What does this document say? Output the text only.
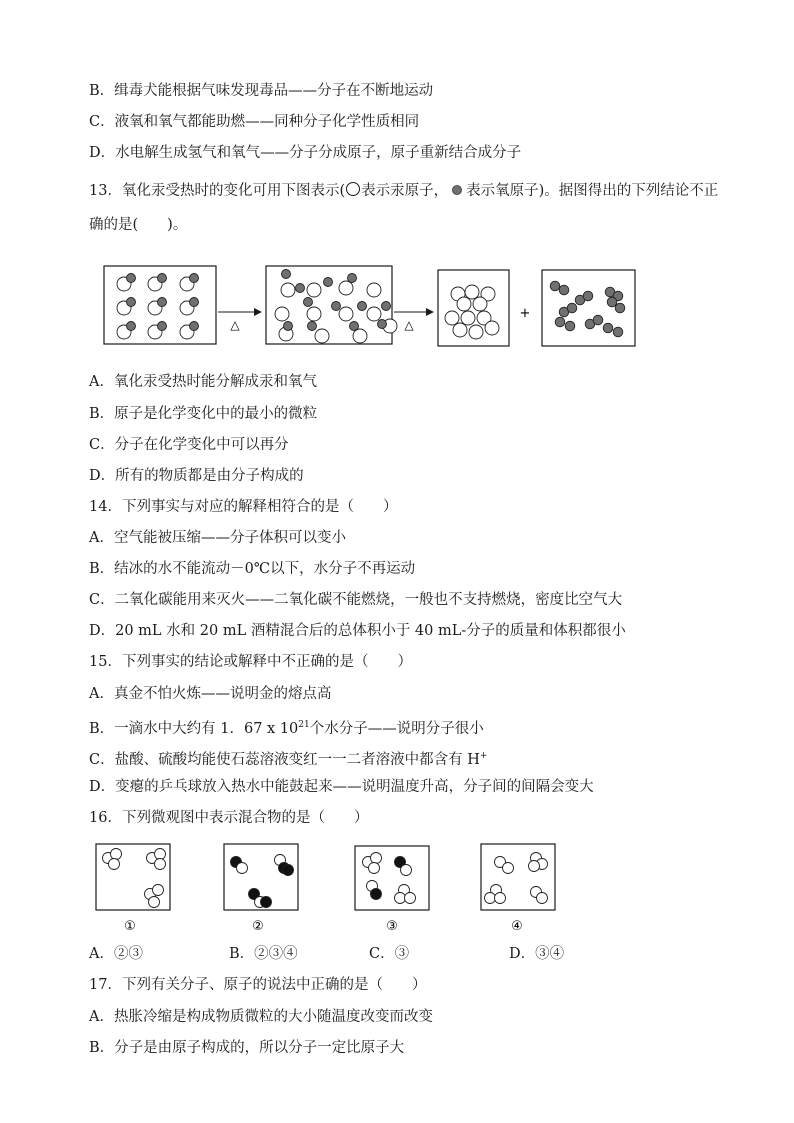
B．缉毒犬能根据气味发现毒品——分子在不断地运动
C．液氧和氧气都能助燃——同种分子化学性质相同
D．水电解生成氢气和氧气——分子分成原子，原子重新结合成分子
13．氧化汞受热时的变化可用下图表示( 表示汞原子， 表示氧原子)。据图得出的下列结论不正
确的是(　　)。
△	△
+
A．氧化汞受热时能分解成汞和氧气
B．原子是化学变化中的最小的微粒
C．分子在化学变化中可以再分
D．所有的物质都是由分子构成的
14．下列事实与对应的解释相符合的是（　　）
A．空气能被压缩——分子体积可以变小
B．结冰的水不能流动－0℃以下，水分子不再运动
C．二氧化碳能用来灭火——二氧化碳不能燃烧，一般也不支持燃烧，密度比空气大
D．20 mL 水和 20 mL 酒精混合后的总体积小于 40 mL-分子的质量和体积都很小
15．下列事实的结论或解释中不正确的是（　　）
A．真金不怕火炼——说明金的熔点高
B．一滴水中大约有 1．67 x $10^{21}$个水分子——说明分子很小
C．盐酸、硫酸均能使石蕊溶液变红一一二者溶液中都含有 H+
D．变瘪的乒乓球放入热水中能鼓起来——说明温度升高，分子间的间隔会变大
16．下列微观图中表示混合物的是（　　）
①	②	③	④
A．②③	B．②③④	C．③	D．③④
17．下列有关分子、原子的说法中正确的是（　　）
A．热胀冷缩是构成物质微粒的大小随温度改变而改变
B．分子是由原子构成的，所以分子一定比原子大
